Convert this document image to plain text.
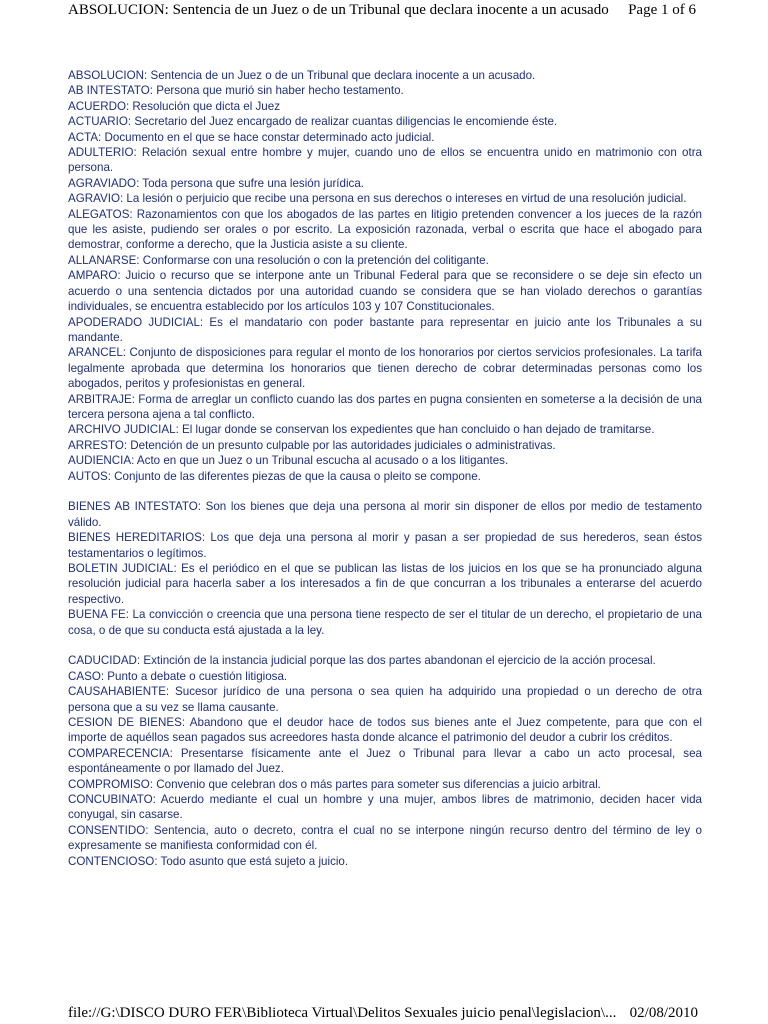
ABSOLUCION: Sentencia de un Juez o de un Tribunal que declara inocente a un acusado Page 1 of 6

ABSOLUCION: Sentencia de un Juez o de un Tribunal que declara inocente a un acusado.

AB INTESTATO: Persona que murió sin haber hecho testamento.

ACUERDO: Resolución que dicta el Juez

ACTUARIO: Secretario del Juez encargado de realizar cuantas diligencias le encomiende éste.

ACTA: Documento en el que se hace constar determinado acto judicial.

ADULTERIO: Relación sexual entre hombre y mujer, cuando uno de ellos se encuentra unido en matrimonio con otra persona.

AGRAVIADO: Toda persona que sufre una lesión jurídica.

AGRAVIO: La lesión o perjuicio que recibe una persona en sus derechos o intereses en virtud de una resolución judicial.

ALEGATOS: Razonamientos con que los abogados de las partes en litigio pretenden convencer a los jueces de la razón que les asiste, pudiendo ser orales o por escrito. La exposición razonada, verbal o escrita que hace el abogado para demostrar, conforme a derecho, que la Justicia asiste a su cliente.

ALLANARSE: Conformarse con una resolución o con la pretención del colitigante.

AMPARO: Juicio o recurso que se interpone ante un Tribunal Federal para que se reconsidere o se deje sin efecto un acuerdo o una sentencia dictados por una autoridad cuando se considera que se han violado derechos o garantías individuales, se encuentra establecido por los artículos 103 y 107 Constitucionales.

APODERADO JUDICIAL: Es el mandatario con poder bastante para representar en juicio ante los Tribunales a su mandante.

ARANCEL: Conjunto de disposiciones para regular el monto de los honorarios por ciertos servicios profesionales. La tarifa legalmente aprobada que determina los honorarios que tienen derecho de cobrar determinadas personas como los abogados, peritos y profesionistas en general.

ARBITRAJE: Forma de arreglar un conflicto cuando las dos partes en pugna consienten en someterse a la decisión de una tercera persona ajena a tal conflicto.

ARCHIVO JUDICIAL: El lugar donde se conservan los expedientes que han concluido o han dejado de tramitarse.

ARRESTO: Detención de un presunto culpable por las autoridades judiciales o administrativas.

AUDIENCIA: Acto en que un Juez o un Tribunal escucha al acusado o a los litigantes.

AUTOS: Conjunto de las diferentes piezas de que la causa o pleito se compone.

BIENES AB INTESTATO: Son los bienes que deja una persona al morir sin disponer de ellos por medio de testamento válido.

BIENES HEREDITARIOS: Los que deja una persona al morir y pasan a ser propiedad de sus herederos, sean éstos testamentarios o legítimos.

BOLETIN JUDICIAL: Es el periódico en el que se publican las listas de los juicios en los que se ha pronunciado alguna resolución judicial para hacerla saber a los interesados a fin de que concurran a los tribunales a enterarse del acuerdo respectivo.

BUENA FE: La convicción o creencia que una persona tiene respecto de ser el titular de un derecho, el propietario de una cosa, o de que su conducta está ajustada a la ley.

CADUCIDAD: Extinción de la instancia judicial porque las dos partes abandonan el ejercicio de la acción procesal.

CASO: Punto a debate o cuestión litigiosa.

CAUSAHABIENTE: Sucesor jurídico de una persona o sea quien ha adquirido una propiedad o un derecho de otra persona que a su vez se llama causante.

CESION DE BIENES: Abandono que el deudor hace de todos sus bienes ante el Juez competente, para que con el importe de aquéllos sean pagados sus acreedores hasta donde alcance el patrimonio del deudor a cubrir los créditos.

COMPARECENCIA: Presentarse físicamente ante el Juez o Tribunal para llevar a cabo un acto procesal, sea espontáneamente o por llamado del Juez.

COMPROMISO: Convenio que celebran dos o más partes para someter sus diferencias a juicio arbitral.

CONCUBINATO: Acuerdo mediante el cual un hombre y una mujer, ambos libres de matrimonio, deciden hacer vida conyugal, sin casarse.

CONSENTIDO: Sentencia, auto o decreto, contra el cual no se interpone ningún recurso dentro del término de ley o expresamente se manifiesta conformidad con él.

CONTENCIOSO: Todo asunto que está sujeto a juicio.

file://G:\DISCO DURO FER\Biblioteca Virtual\Delitos Sexuales juicio penal\legislacion\... 02/08/2010
